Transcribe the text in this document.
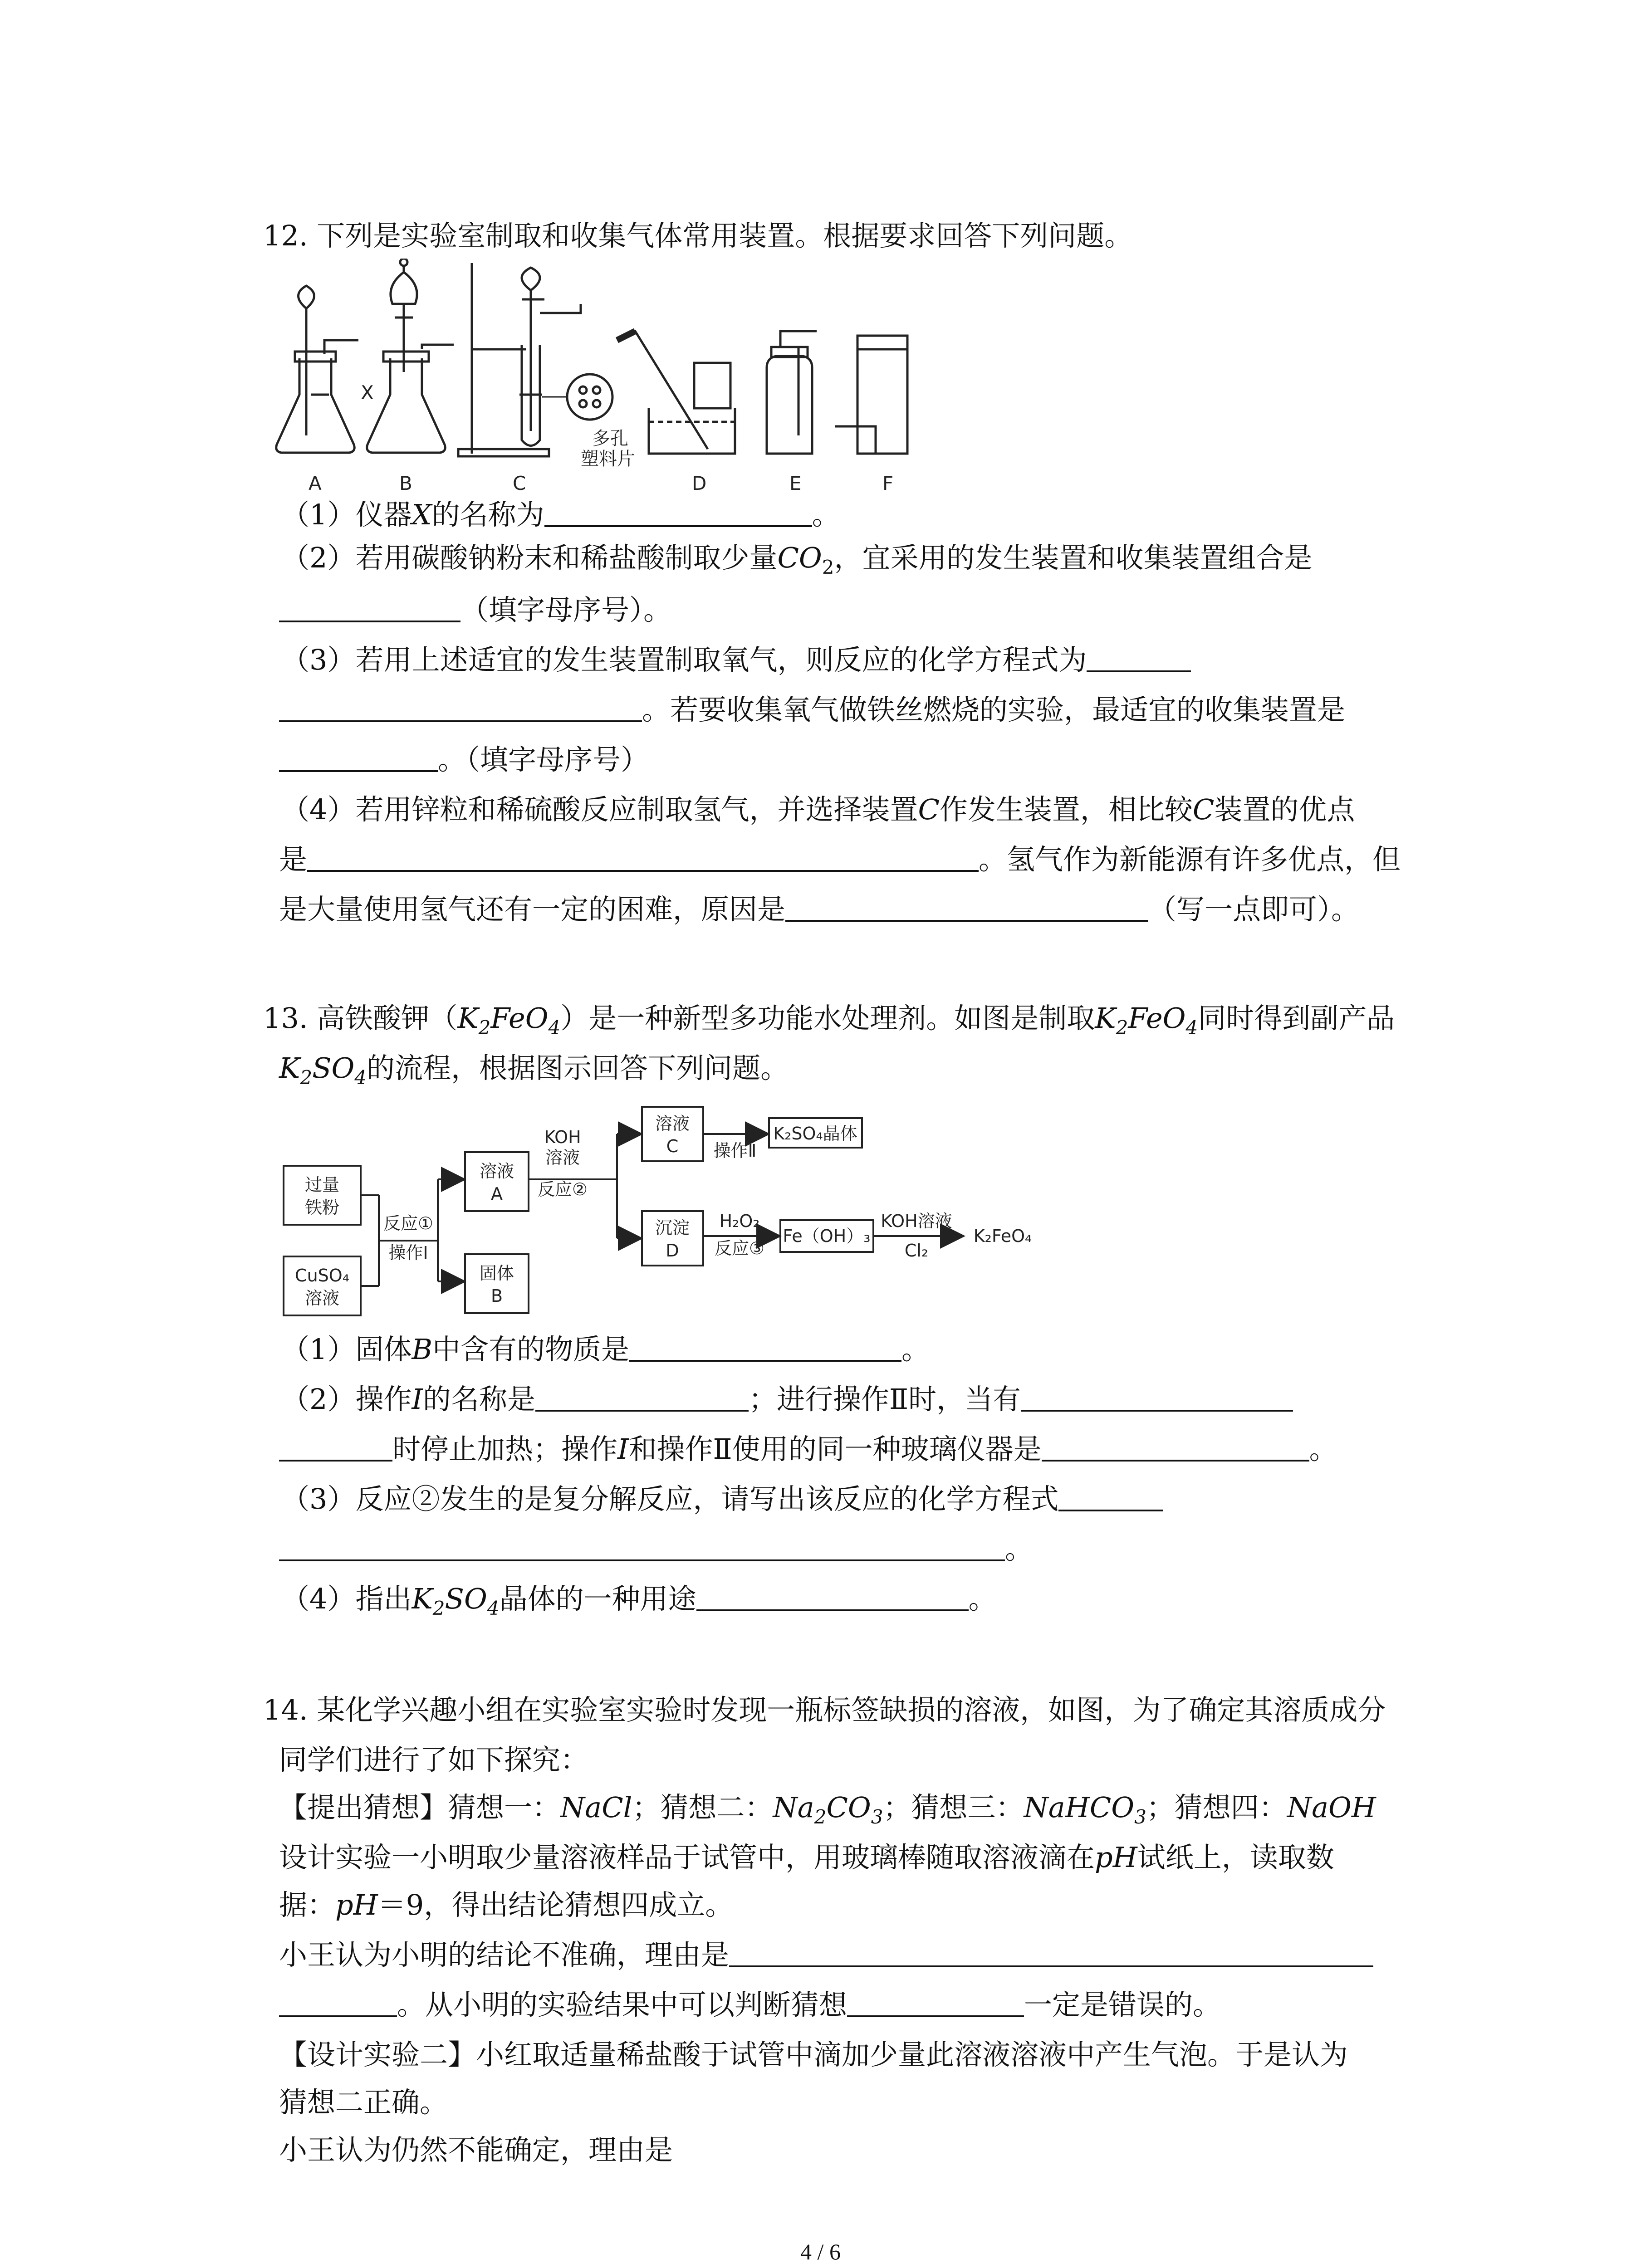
12. 下列是实验室制取和收集气体常用装置。根据要求回答下列问题。
X
多孔
塑料片
A	B	C	D	E	F
（1）仪器X的名称为	。
（2）若用碳酸钠粉末和稀盐酸制取少量$CO_2$，宜采用的发生装置和收集装置组合是
（填字母序号）。
（3）若用上述适宜的发生装置制取氧气，则反应的化学方程式为
。若要收集氧气做铁丝燃烧的实验，最适宜的收集装置是
。（填字母序号）
（4）若用锌粒和稀硫酸反应制取氢气，并选择装置C作发生装置，相比较C装置的优点
是	。氢气作为新能源有许多优点，但
是大量使用氢气还有一定的困难，原因是	（写一点即可）。
13. 高铁酸钾$(K_2FeO_4)$是一种新型多功能水处理剂。如图是制取$K_2FeO_4$同时得到副产品
$K_2SO_4$的流程，根据图示回答下列问题。
过量
铁粉
CuSO₄
溶液
反应①
操作Ⅰ
溶液
A
固体
B
KOH
溶液
反应②
溶液
C 操作Ⅱ
K₂SO₄晶体
沉淀
D
H₂O₂
反应③
Fe（OH）₃
KOH溶液
Cl₂
K₂FeO₄
（1）固体B中含有的物质是	。
（2）操作I的名称是	；进行操作Ⅱ时，当有
时停止加热；操作I和操作Ⅱ使用的同一种玻璃仪器是	。
（3）反应②发生的是复分解反应，请写出该反应的化学方程式
。
（4）指出$K_2SO_4$晶体的一种用途	。
14. 某化学兴趣小组在实验室实验时发现一瓶标签缺损的溶液，如图，为了确定其溶质成分
同学们进行了如下探究：
【提出猜想】猜想一：NaCl；猜想二：$Na_2CO_3$；猜想三：NaHCO$_3$；猜想四：NaOH
设计实验一小明取少量溶液样品于试管中，用玻璃棒随取溶液滴在pH试纸上，读取数
据：pH＝9，得出结论猜想四成立。
小王认为小明的结论不准确，理由是
。从小明的实验结果中可以判断猜想	一定是错误的。
【设计实验二】小红取适量稀盐酸于试管中滴加少量此溶液溶液中产生气泡。于是认为
猜想二正确。
小王认为仍然不能确定，理由是
4 / 6
